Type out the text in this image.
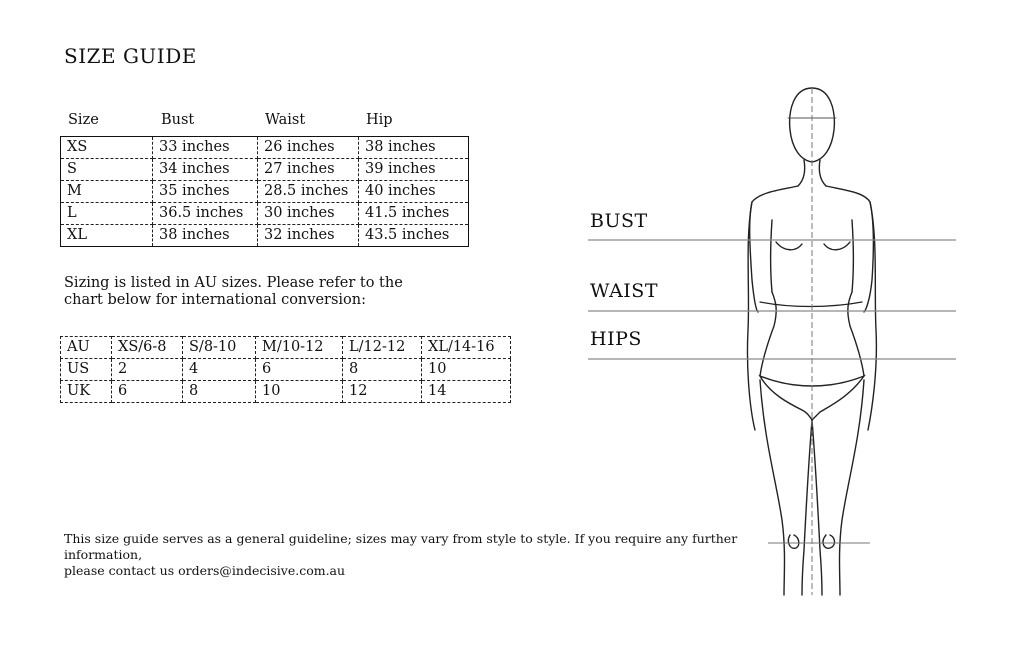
SIZE GUIDE
Size	Bust	Waist	Hip
XS	33 inches	26 inches	38 inches
S	34 inches	27 inches	39 inches
M	35 inches	28.5 inches	40 inches
L	36.5 inches	30 inches	41.5 inches
XL	38 inches	32 inches	43.5 inches
Sizing is listed in AU sizes. Please refer to the chart below for international conversion:
AU	XS/6-8	S/8-10	M/10-12	L/12-12	XL/14-16
US	2	4	6	8	10
UK	6	8	10	12	14
BUST
WAIST
HIPS
This size guide serves as a general guideline; sizes may vary from style to style. If you require any further information,
please contact us orders@indecisive.com.au
